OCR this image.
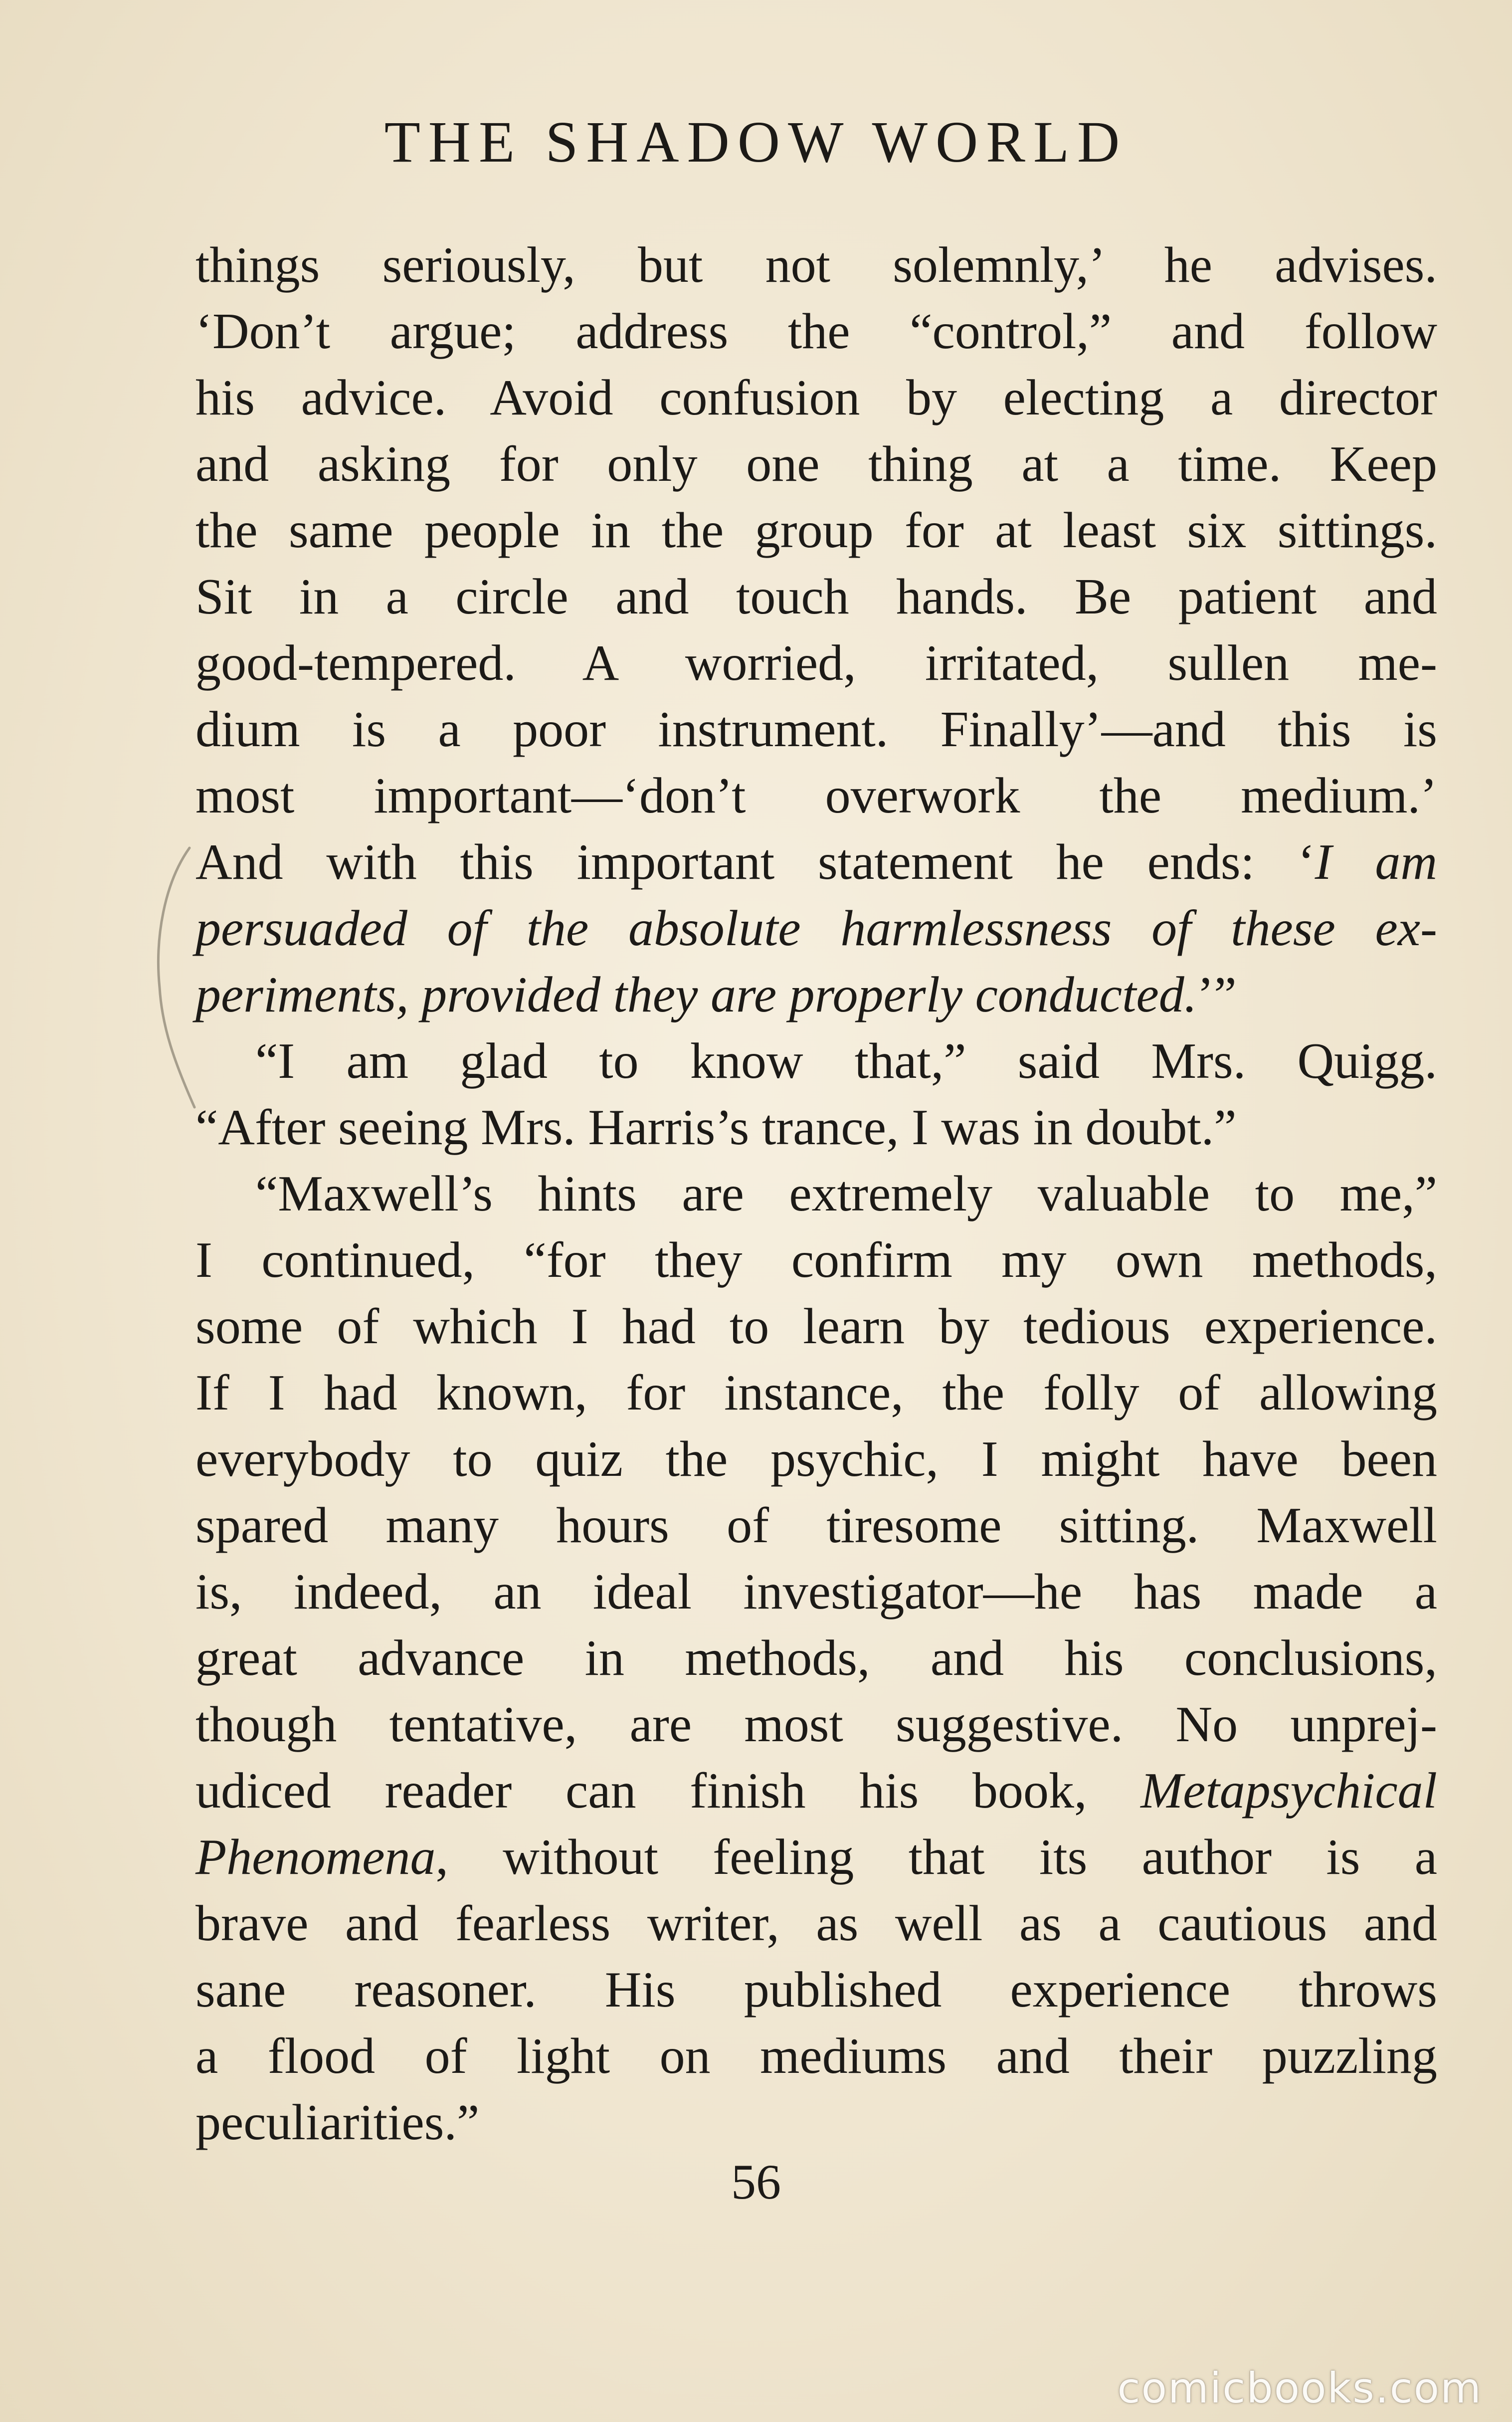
THE SHADOW WORLD
things seriously, but not solemnly,’ he advises.
‘Don’t argue; address the “control,” and follow
his advice. Avoid confusion by electing a director
and asking for only one thing at a time. Keep
the same people in the group for at least six sittings.
Sit in a circle and touch hands. Be patient and
good-tempered. A worried, irritated, sullen me-
dium is a poor instrument. Finally’—and this is
most important—‘don’t overwork the medium.’
And with this important statement he ends: ‘I am
persuaded of the absolute harmlessness of these ex-
periments, provided they are properly conducted.’”
“I am glad to know that,” said Mrs. Quigg.
“After seeing Mrs. Harris’s trance, I was in doubt.”
“Maxwell’s hints are extremely valuable to me,”
I continued, “for they confirm my own methods,
some of which I had to learn by tedious experience.
If I had known, for instance, the folly of allowing
everybody to quiz the psychic, I might have been
spared many hours of tiresome sitting. Maxwell
is, indeed, an ideal investigator—he has made a
great advance in methods, and his conclusions,
though tentative, are most suggestive. No unprej-
udiced reader can finish his book, Metapsychical
Phenomena, without feeling that its author is a
brave and fearless writer, as well as a cautious and
sane reasoner. His published experience throws
a flood of light on mediums and their puzzling
peculiarities.”
56
comicbooks.com
